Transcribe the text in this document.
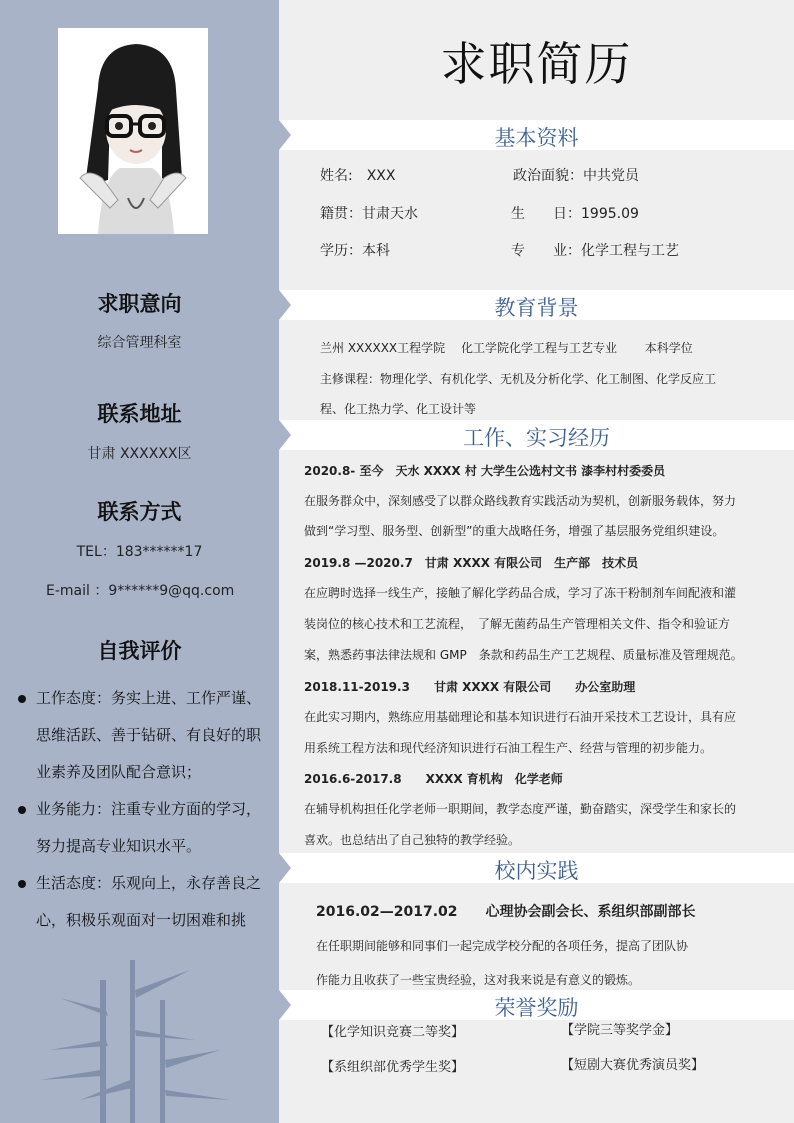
求职意向
综合管理科室
联系地址
甘肃 XXXXXX区
联系方式
TEL：183******17
E-mail ：9******9@qq.com
自我评价
工作态度：务实上进、工作严谨、思维活跃、善于钻研、有良好的职业素养及团队配合意识；
业务能力：注重专业方面的学习，努力提高专业知识水平。
生活态度：乐观向上，永存善良之心，积极乐观面对一切困难和挑
求职简历
基本资料
姓名:　XXX	政治面貌：中共党员
籍贯：甘肃天水	生　　日：1995.09
学历：本科	专　　业：化学工程与工艺
教育背景
兰州 XXXXXX工程学院　 化工学院化学工程与工艺专业　　 本科学位
主修课程：物理化学、有机化学、无机及分析化学、化工制图、化学反应工
程、化工热力学、化工设计等
工作、实习经历
2020.8- 至今　天水 XXXX 村 大学生公选村文书 漆李村村委委员
在服务群众中，深刻感受了以群众路线教育实践活动为契机，创新服务载体，努力
做到“学习型、服务型、创新型”的重大战略任务，增强了基层服务党组织建设。
2019.8 —2020.7　甘肃 XXXX 有限公司　生产部　技术员
在应聘时选择一线生产，接触了解化学药品合成，学习了冻干粉制剂车间配液和灌
装岗位的核心技术和工艺流程，　了解无菌药品生产管理相关文件、指令和验证方
案，熟悉药事法律法规和 GMP　条款和药品生产工艺规程、质量标准及管理规范。
2018.11-2019.3　　甘肃 XXXX 有限公司　　办公室助理
在此实习期内，熟练应用基础理论和基本知识进行石油开采技术工艺设计，具有应
用系统工程方法和现代经济知识进行石油工程生产、经营与管理的初步能力。
2016.6-2017.8　　XXXX 育机构　化学老师
在辅导机构担任化学老师一职期间，教学态度严谨，勤奋踏实，深受学生和家长的
喜欢。也总结出了自己独特的教学经验。
校内实践
2016.02—2017.02　　心理协会副会长、系组织部副部长
在任职期间能够和同事们一起完成学校分配的各项任务，提高了团队协
作能力且收获了一些宝贵经验，这对我来说是有意义的锻炼。
荣誉奖励
【化学知识竞赛二等奖】	【学院三等奖学金】
【系组织部优秀学生奖】	【短剧大赛优秀演员奖】
